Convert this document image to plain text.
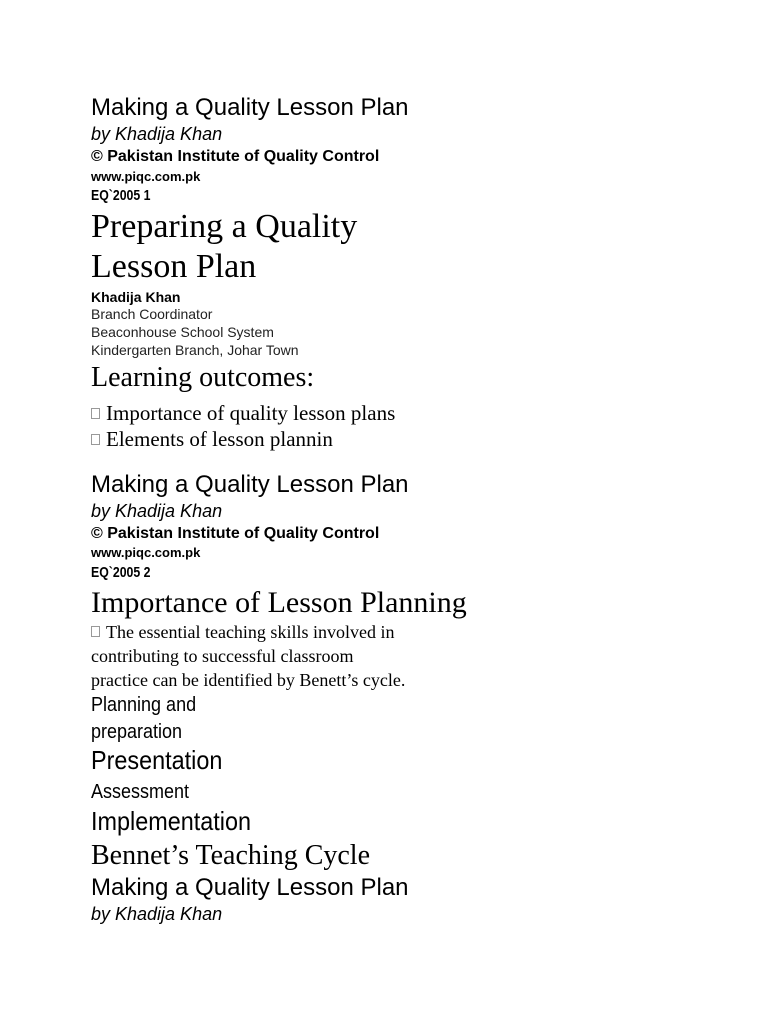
Making a Quality Lesson Plan
by Khadija Khan
© Pakistan Institute of Quality Control
www.piqc.com.pk
EQ`2005 1
Preparing a Quality
Lesson Plan
Khadija Khan
Branch Coordinator
Beaconhouse School System
Kindergarten Branch, Johar Town
Learning outcomes:
Importance of quality lesson plans
Elements of lesson plannin
Making a Quality Lesson Plan
by Khadija Khan
© Pakistan Institute of Quality Control
www.piqc.com.pk
EQ`2005 2
Importance of Lesson Planning
The essential teaching skills involved in
contributing to successful classroom
practice can be identified by Benett’s cycle.
Planning and
preparation
Presentation
Assessment
Implementation
Bennet’s Teaching Cycle
Making a Quality Lesson Plan
by Khadija Khan
